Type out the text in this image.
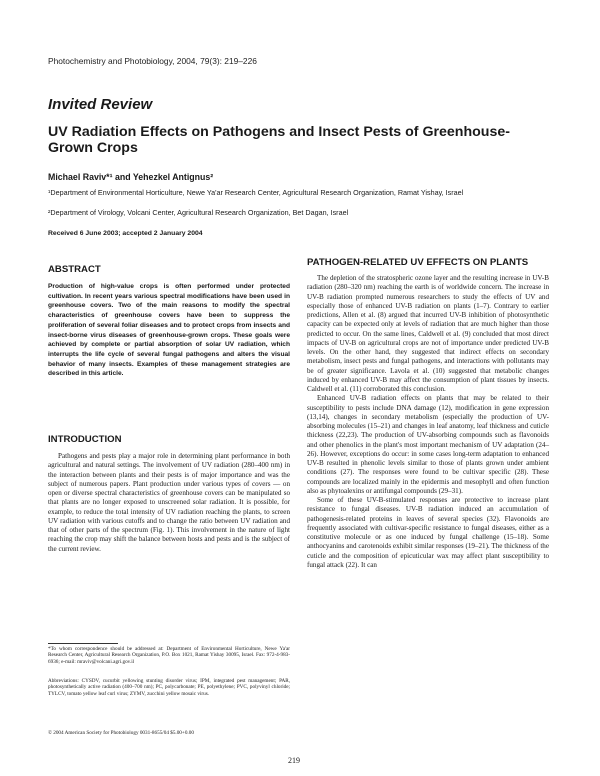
Photochemistry and Photobiology, 2004, 79(3): 219–226
Invited Review
UV Radiation Effects on Pathogens and Insect Pests of Greenhouse-Grown Crops
Michael Raviv*¹ and Yehezkel Antignus²

¹Department of Environmental Horticulture, Newe Ya'ar Research Center, Agricultural Research Organization, Ramat Yishay, Israel

²Department of Virology, Volcani Center, Agricultural Research Organization, Bet Dagan, Israel

Received 6 June 2003; accepted 2 January 2004
ABSTRACT

Production of high-value crops is often performed under protected cultivation. In recent years various spectral modifications have been used in greenhouse covers. Two of the main reasons to modify the spectral characteristics of greenhouse covers have been to suppress the proliferation of several foliar diseases and to protect crops from insects and insect-borne virus diseases of greenhouse-grown crops. These goals were achieved by complete or partial absorption of solar UV radiation, which interrupts the life cycle of several fungal pathogens and alters the visual behavior of many insects. Examples of these management strategies are described in this article.

INTRODUCTION

Pathogens and pests play a major role in determining plant performance in both agricultural and natural settings. The involvement of UV radiation (280–400 nm) in the interaction between plants and their pests is of major importance and was the subject of numerous papers. Plant production under various types of covers — on open or diverse spectral characteristics of greenhouse covers can be manipulated so that plants are no longer exposed to unscreened solar radiation. It is possible, for example, to reduce the total intensity of UV radiation reaching the plants, to screen UV radiation with various cutoffs and to change the ratio between UV radiation and that of other parts of the spectrum (Fig. 1). This involvement in the nature of light reaching the crop may shift the balance between hosts and pests and is the subject of the current review.

*To whom correspondence should be addressed at: Department of Environmental Horticulture, Newe Ya'ar Research Center, Agricultural Research Organization, P.O. Box 1021, Ramat Yishay 30095, Israel. Fax: 972-4-983-6936; e-mail: mraviv@volcani.agri.gov.il

Abbreviations: CYSDV, cucurbit yellowing stunting disorder virus; IPM, integrated pest management; PAR, photosynthetically active radiation (400–700 nm); PC, polycarbonate; PE, polyethylene; PVC, polyvinyl chloride; TYLCV, tomato yellow leaf curl virus; ZYMV, zucchini yellow mosaic virus.

© 2004 American Society for Photobiology 0031-8655/04 $5.00+0.00

PATHOGEN-RELATED UV EFFECTS ON PLANTS

The depletion of the stratospheric ozone layer and the resulting increase in UV-B radiation (280–320 nm) reaching the earth is of worldwide concern. The increase in UV-B radiation prompted numerous researchers to study the effects of UV and especially those of enhanced UV-B radiation on plants (1–7). Contrary to earlier predictions, Allen et al. (8) argued that incurred UV-B inhibition of photosynthetic capacity can be expected only at levels of radiation that are much higher than those predicted to occur. On the same lines, Caldwell et al. (9) concluded that most direct impacts of UV-B on agricultural crops are not of importance under predicted UV-B levels. On the other hand, they suggested that indirect effects on secondary metabolism, insect pests and fungal pathogens, and interactions with pollutants may be of greater significance. Lavola et al. (10) suggested that metabolic changes induced by enhanced UV-B may affect the consumption of plant tissues by insects. Caldwell et al. (11) corroborated this conclusion.

Enhanced UV-B radiation effects on plants that may be related to their susceptibility to pests include DNA damage (12), modification in gene expression (13,14), changes in secondary metabolism (especially the production of UV-absorbing molecules (15–21) and changes in leaf anatomy, leaf thickness and cuticle thickness (22,23). The production of UV-absorbing compounds such as flavonoids and other phenolics in the plant's most important mechanism of UV adaptation (24–26). However, exceptions do occur: in some cases long-term adaptation to enhanced UV-B resulted in phenolic levels similar to those of plants grown under ambient conditions (27). The responses were found to be cultivar specific (28). These compounds are localized mainly in the epidermis and mesophyll and often function also as phytoalexins or antifungal compounds (29–31).

Some of these UV-B-stimulated responses are protective to increase plant resistance to fungal diseases. UV-B radiation induced an accumulation of pathogenesis-related proteins in leaves of several species (32). Flavonoids are frequently associated with cultivar-specific resistance to fungal diseases, either as a constitutive molecule or as one induced by fungal challenge (15–18). Some anthocyanins and carotenoids exhibit similar responses (19–21). The thickness of the cuticle and the composition of epicuticular wax may affect plant susceptibility to fungal attack (22). It can

219
